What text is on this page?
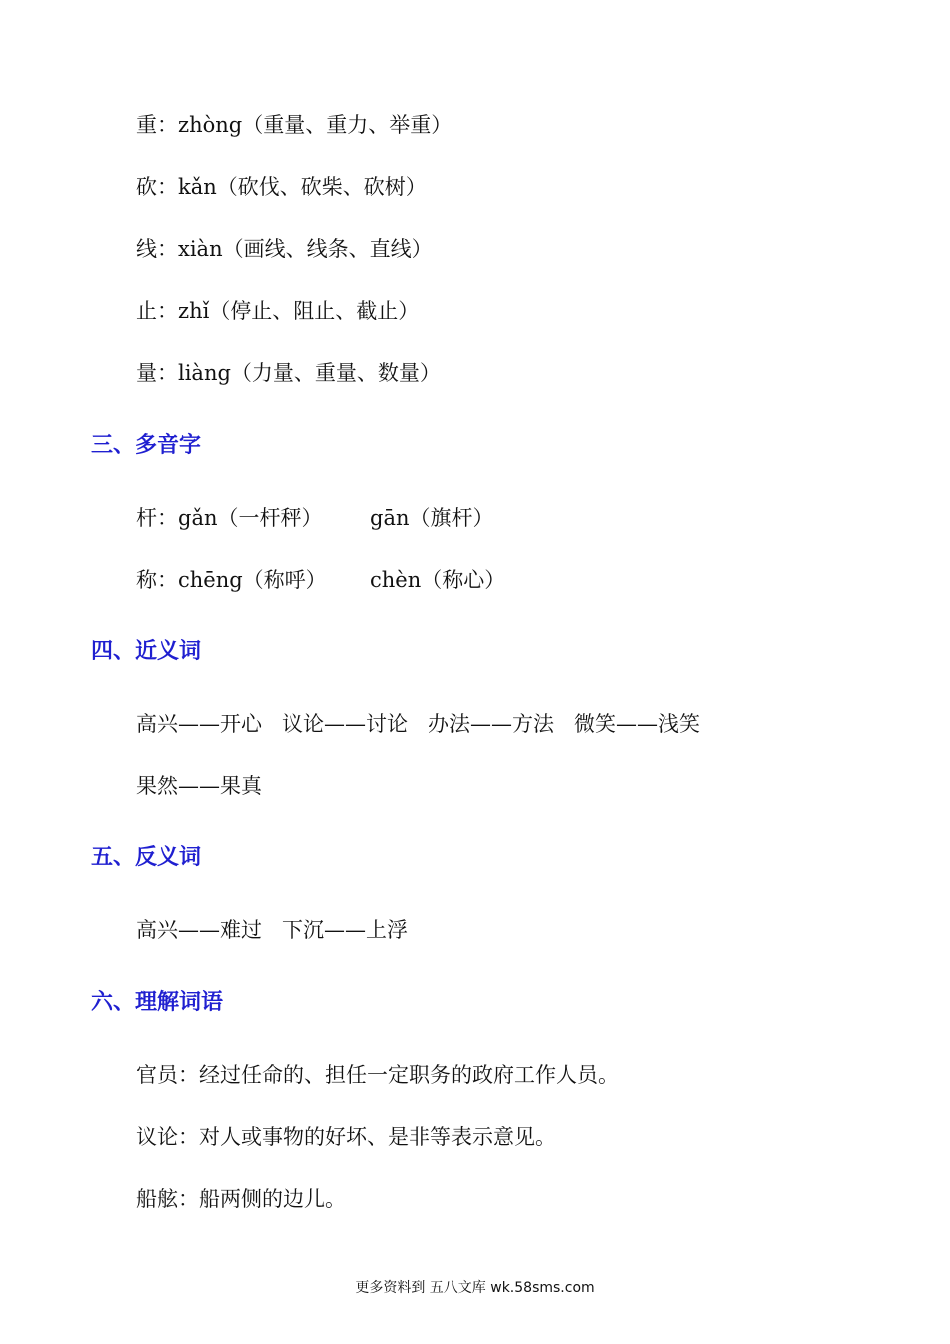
重：zhòng（重量、重力、举重）
砍：kǎn（砍伐、砍柴、砍树）
线：xiàn（画线、线条、直线）
止：zhǐ（停止、阻止、截止）
量：liàng（力量、重量、数量）
三、多音字
杆：gǎn（一杆秤） gān（旗杆）
称：chēng（称呼） chèn（称心）
四、近义词
高兴——开心 议论——讨论 办法——方法 微笑——浅笑
果然——果真
五、反义词
高兴——难过 下沉——上浮
六、理解词语
官员：经过任命的、担任一定职务的政府工作人员。
议论：对人或事物的好坏、是非等表示意见。
船舷：船两侧的边儿。
更多资料到 五八文库 wk.58sms.com
